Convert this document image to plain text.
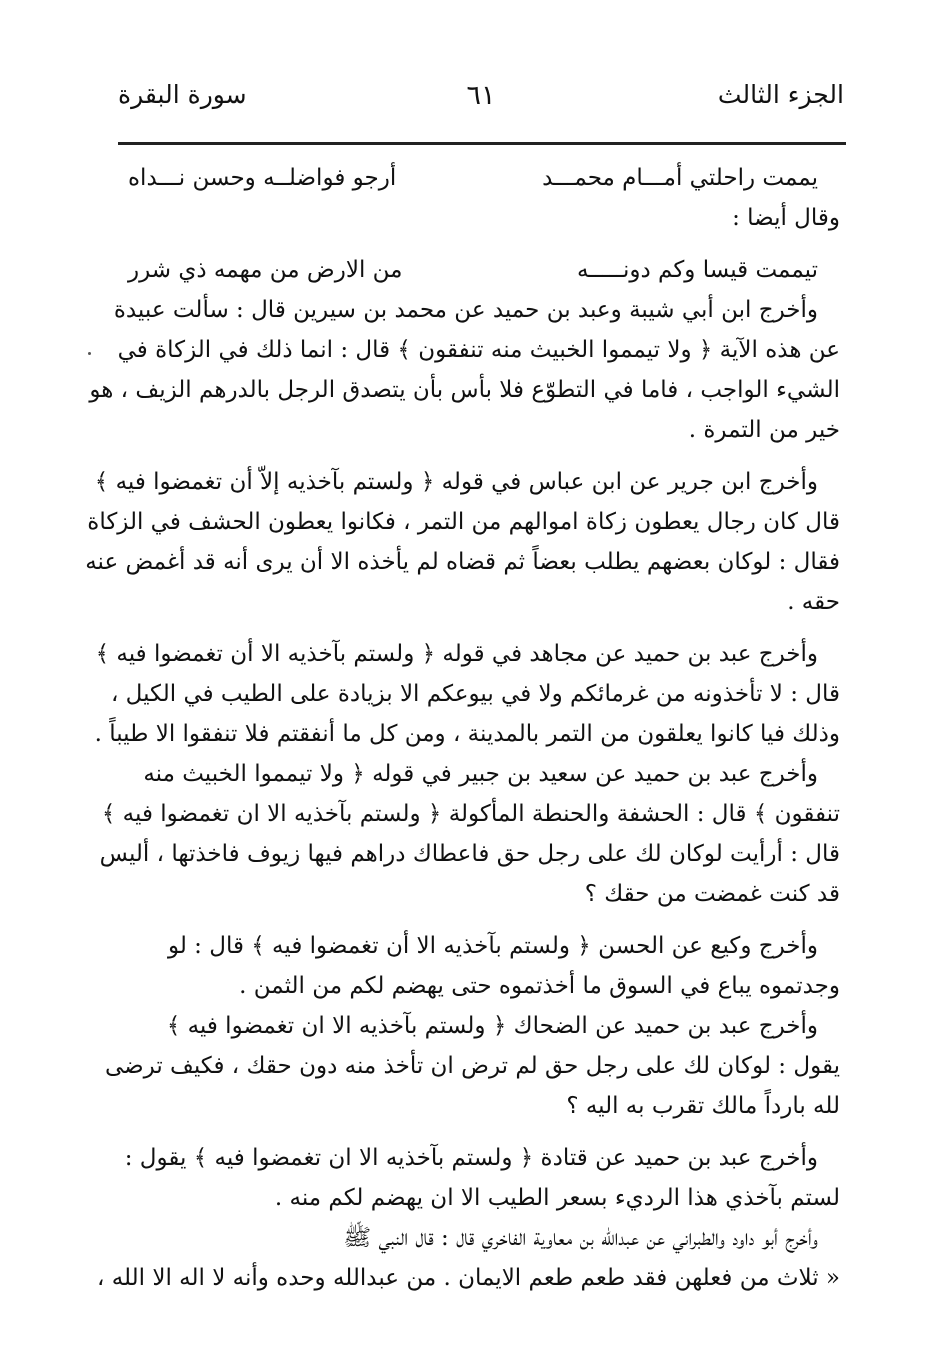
الجزء الثالث
٦١
سورة البقرة
يممت راحلتي أمـــام محمـــد
أرجو فواضلــه وحسن نـــداه

وقال أيضا :

تيممت قيسا وكم دونـــــه
من الارض من مهمه ذي شرر

وأخرج ابن أبي شيبة وعبد بن حميد عن محمد بن سيرين قال : سألت عبيدة

عن هذه الآية ﴿ ولا تيمموا الخبيث منه تنفقون ﴾ قال : انما ذلك في الزكاة في

الشيء الواجب ، فاما في التطوّع فلا بأس بأن يتصدق الرجل بالدرهم الزيف ، هو

خير من التمرة .

وأخرج ابن جرير عن ابن عباس في قوله ﴿ ولستم بآخذيه إلاّ أن تغمضوا فيه ﴾

قال كان رجال يعطون زكاة اموالهم من التمر ، فكانوا يعطون الحشف في الزكاة

فقال : لوكان بعضهم يطلب بعضاً ثم قضاه لم يأخذه الا أن يرى أنه قد أغمض عنه

حقه .

وأخرج عبد بن حميد عن مجاهد في قوله ﴿ ولستم بآخذيه الا أن تغمضوا فيه ﴾

قال : لا تأخذونه من غرمائكم ولا في بيوعكم الا بزيادة على الطيب في الكيل ،

وذلك فيا كانوا يعلقون من التمر بالمدينة ، ومن كل ما أنفقتم فلا تنفقوا الا طيباً .

وأخرج عبد بن حميد عن سعيد بن جبير في قوله ﴿ ولا تيمموا الخبيث منه

تنفقون ﴾ قال : الحشفة والحنطة المأكولة ﴿ ولستم بآخذيه الا ان تغمضوا فيه ﴾

قال : أرأيت لوكان لك على رجل حق فاعطاك دراهم فيها زيوف فاخذتها ، أليس

قد كنت غمضت من حقك ؟

وأخرج وكيع عن الحسن ﴿ ولستم بآخذيه الا أن تغمضوا فيه ﴾ قال : لو

وجدتموه يباع في السوق ما أخذتموه حتى يهضم لكم من الثمن .

وأخرج عبد بن حميد عن الضحاك ﴿ ولستم بآخذيه الا ان تغمضوا فيه ﴾

يقول : لوكان لك على رجل حق لم ترض ان تأخذ منه دون حقك ، فكيف ترضى

لله بارداً مالك تقرب به اليه ؟

وأخرج عبد بن حميد عن قتادة ﴿ ولستم بآخذيه الا ان تغمضوا فيه ﴾ يقول :

لستم بآخذي هذا الرديء بسعر الطيب الا ان يهضم لكم منه .

وأخرج أبو داود والطبراني عن عبدالله بن معاوية الفاخري قال : قال النبي ﷺ

« ثلاث من فعلهن فقد طعم طعم الايمان . من عبدالله وحده وأنه لا اله الا الله ،
